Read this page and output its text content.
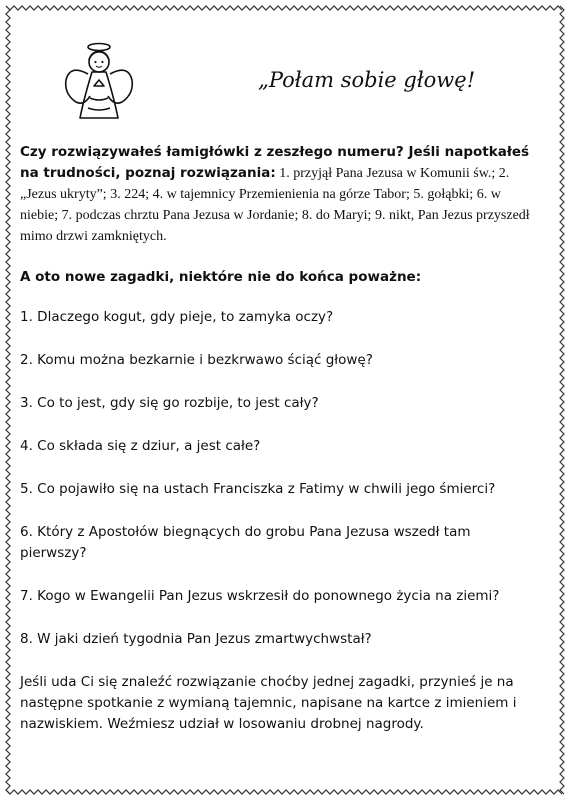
„Połam sobie głowę!

Czy rozwiązywałeś łamigłówki z zeszłego numeru? Jeśli napotkałeś na trudności, poznaj rozwiązania: 1. przyjął Pana Jezusa w Komunii św.; 2. „Jezus ukryty”; 3. 224; 4. w tajemnicy Przemienienia na górze Tabor; 5. gołąbki; 6. w niebie; 7. podczas chrztu Pana Jezusa w Jordanie; 8. do Maryi; 9. nikt, Pan Jezus przyszedł mimo drzwi zamkniętych.

A oto nowe zagadki, niektóre nie do końca poważne:

1. Dlaczego kogut, gdy pieje, to zamyka oczy?

2. Komu można bezkarnie i bezkrwawo ściąć głowę?

3. Co to jest, gdy się go rozbije, to jest cały?

4. Co składa się z dziur, a jest całe?

5. Co pojawiło się na ustach Franciszka z Fatimy w chwili jego śmierci?

6. Który z Apostołów biegnących do grobu Pana Jezusa wszedł tam pierwszy?

7. Kogo w Ewangelii Pan Jezus wskrzesił do ponownego życia na ziemi?

8. W jaki dzień tygodnia Pan Jezus zmartwychwstał?

Jeśli uda Ci się znaleźć rozwiązanie choćby jednej zagadki, przynieś je na następne spotkanie z wymianą tajemnic, napisane na kartce z imieniem i nazwiskiem. Weźmiesz udział w losowaniu drobnej nagrody.
